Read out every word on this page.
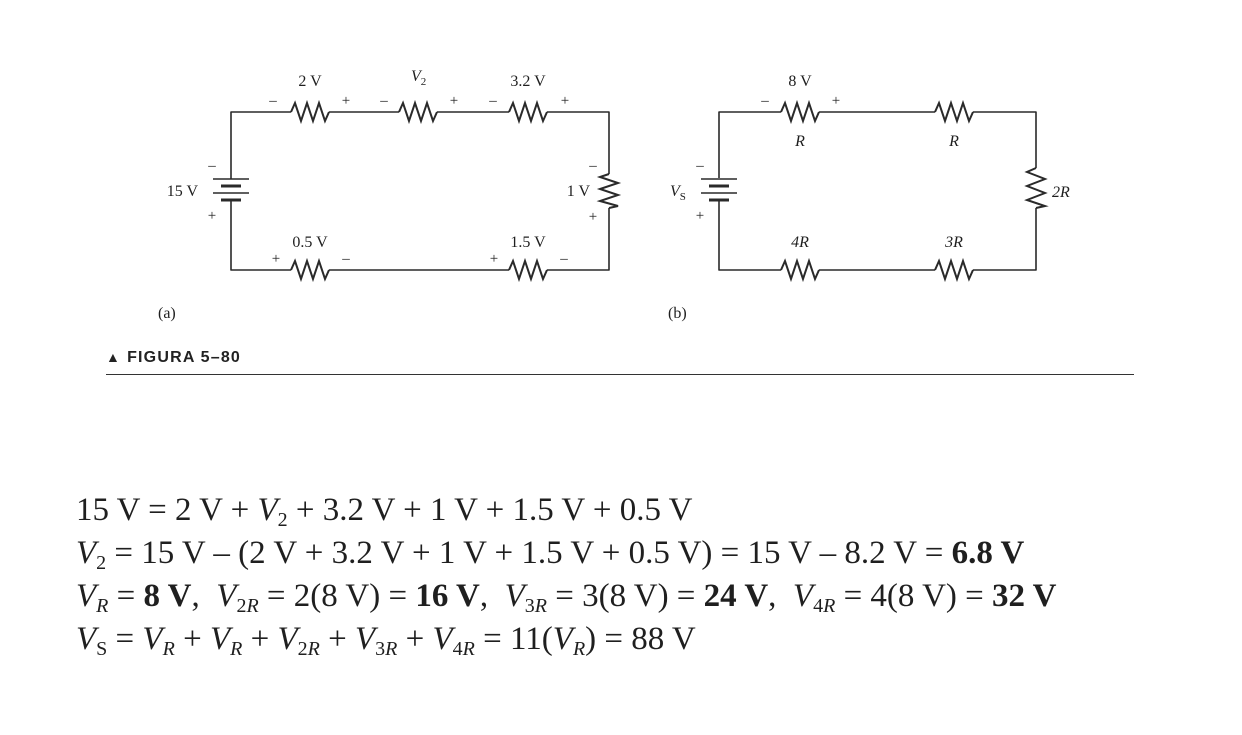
2 V	$V_2$	3.2 V
1 V
1.5 V
0.5 V
15 V
–	+ –	+ –	+
–
+
+	–
+	–
–
+
(a)
8 V
R	R
2R
3R
4R
$V_S$
–	+
–
+
(b)
▲ FIGURA 5–80
15 V = 2 $V + V_2 + 3.2$ V + 1 V + 1.5 V + 0.5 V
$V_2 = 15$ V – (2 V + 3.2 V + 1 V + 1.5 V + 0.5 V) = 15 V – 8.2 V = 6.8 V
$V_R = 8$ V,  $V_{2R} = 2(8$ V) = 16 V,  $V_{3R} = 3(8$ V) = 24 V,  $V_{4R} = 4(8$ V) = 32 V
$V_S = V_R + V_R + V_{2R} + V_{3R} + V_{4R} = 11(V_R) = 88$ V
